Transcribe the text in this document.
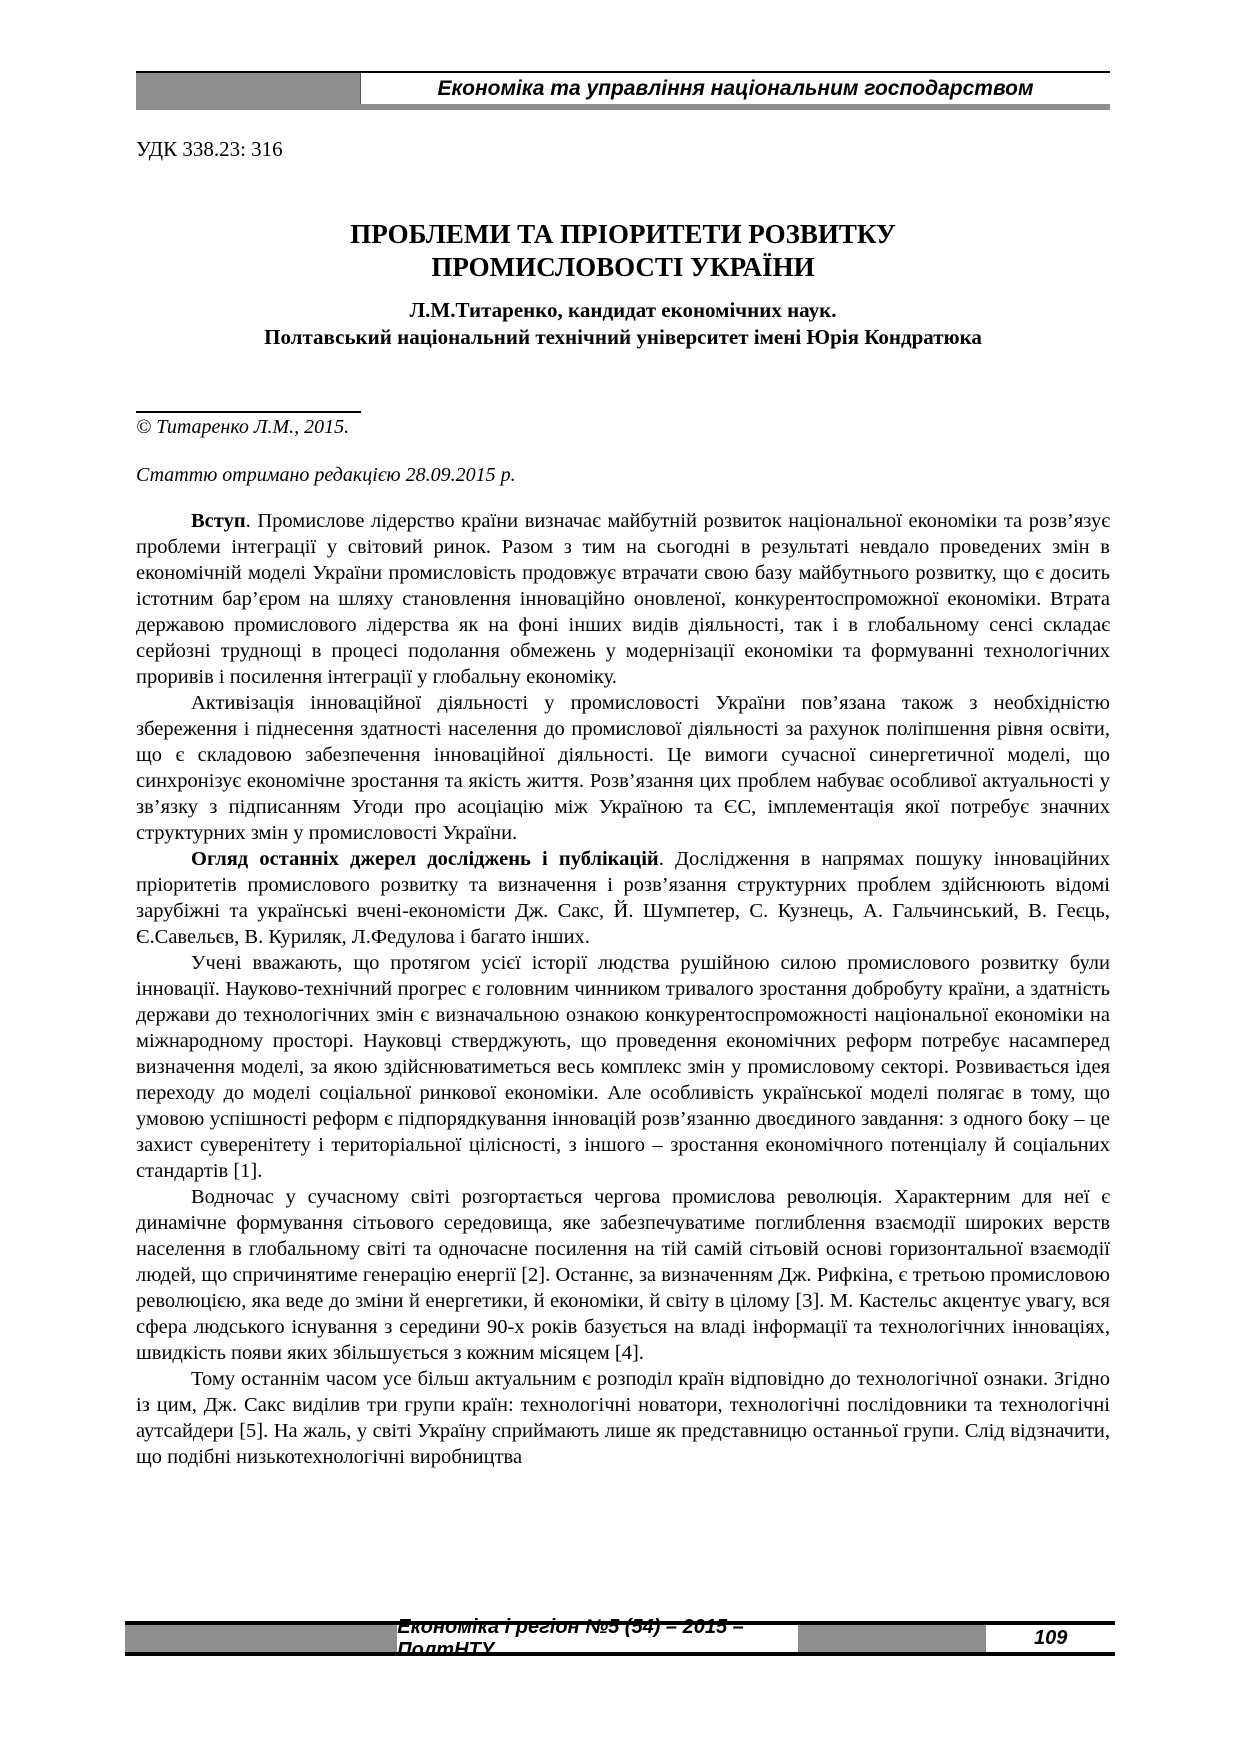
Економіка та управління національним господарством
УДК 338.23: 316
ПРОБЛЕМИ ТА ПРІОРИТЕТИ РОЗВИТКУ
ПРОМИСЛОВОСТІ УКРАЇНИ
Л.М.Титаренко, кандидат економічних наук.
Полтавський національний технічний університет імені Юрія Кондратюка
© Титаренко Л.М., 2015.
Статтю отримано редакцією 28.09.2015 р.

Вступ. Промислове лідерство країни визначає майбутній розвиток національної економіки та розв’язує проблеми інтеграції у світовий ринок. Разом з тим на сьогодні в результаті невдало проведених змін в економічній моделі України промисловість продовжує втрачати свою базу майбутнього розвитку, що є досить істотним бар’єром на шляху становлення інноваційно оновленої, конкурентоспроможної економіки. Втрата державою промислового лідерства як на фоні інших видів діяльності, так і в глобальному сенсі складає серйозні труднощі в процесі подолання обмежень у модернізації економіки та формуванні технологічних проривів і посилення інтеграції у глобальну економіку.

Активізація інноваційної діяльності у промисловості України пов’язана також з необхідністю збереження і піднесення здатності населення до промислової діяльності за рахунок поліпшення рівня освіти, що є складовою забезпечення інноваційної діяльності. Це вимоги сучасної синергетичної моделі, що синхронізує економічне зростання та якість життя. Розв’язання цих проблем набуває особливої актуальності у зв’язку з підписанням Угоди про асоціацію між Україною та ЄС, імплементація якої потребує значних структурних змін у промисловості України.

Огляд останніх джерел досліджень і публікацій. Дослідження в напрямах пошуку інноваційних пріоритетів промислового розвитку та визначення і розв’язання структурних проблем здійснюють відомі зарубіжні та українські вчені-економісти Дж. Сакс, Й. Шумпетер, С. Кузнець, А. Гальчинський, В. Геєць, Є.Савельєв, В. Куриляк, Л.Федулова і багато інших.

Учені вважають, що протягом усієї історії людства рушійною силою промислового розвитку були інновації. Науково-технічний прогрес є головним чинником тривалого зростання добробуту країни, а здатність держави до технологічних змін є визначальною ознакою конкурентоспроможності національної економіки на міжнародному просторі. Науковці стверджують, що проведення економічних реформ потребує насамперед визначення моделі, за якою здійснюватиметься весь комплекс змін у промисловому секторі. Розвивається ідея переходу до моделі соціальної ринкової економіки. Але особливість української моделі полягає в тому, що умовою успішності реформ є підпорядкування інновацій розв’язанню двоєдиного завдання: з одного боку – це захист суверенітету і територіальної цілісності, з іншого – зростання економічного потенціалу й соціальних стандартів [1].

Водночас у сучасному світі розгортається чергова промислова революція. Характерним для неї є динамічне формування сітьового середовища, яке забезпечуватиме поглиблення взаємодії широких верств населення в глобальному світі та одночасне посилення на тій самій сітьовій основі горизонтальної взаємодії людей, що спричинятиме генерацію енергії [2]. Останнє, за визначенням Дж. Рифкіна, є третьою промисловою революцією, яка веде до зміни й енергетики, й економіки, й світу в цілому [3]. М. Кастельс акцентує увагу, вся сфера людського існування з середини 90-х років базується на владі інформації та технологічних інноваціях, швидкість появи яких збільшується з кожним місяцем [4].

Тому останнім часом усе більш актуальним є розподіл країн відповідно до технологічної ознаки. Згідно із цим, Дж. Сакс виділив три групи країн: технологічні новатори, технологічні послідовники та технологічні аутсайдери [5]. На жаль, у світі Україну сприймають лише як представницю останньої групи. Слід відзначити, що подібні низькотехнологічні виробництва

Економіка і регіон №5 (54) – 2015 – ПолтНТУ
109
